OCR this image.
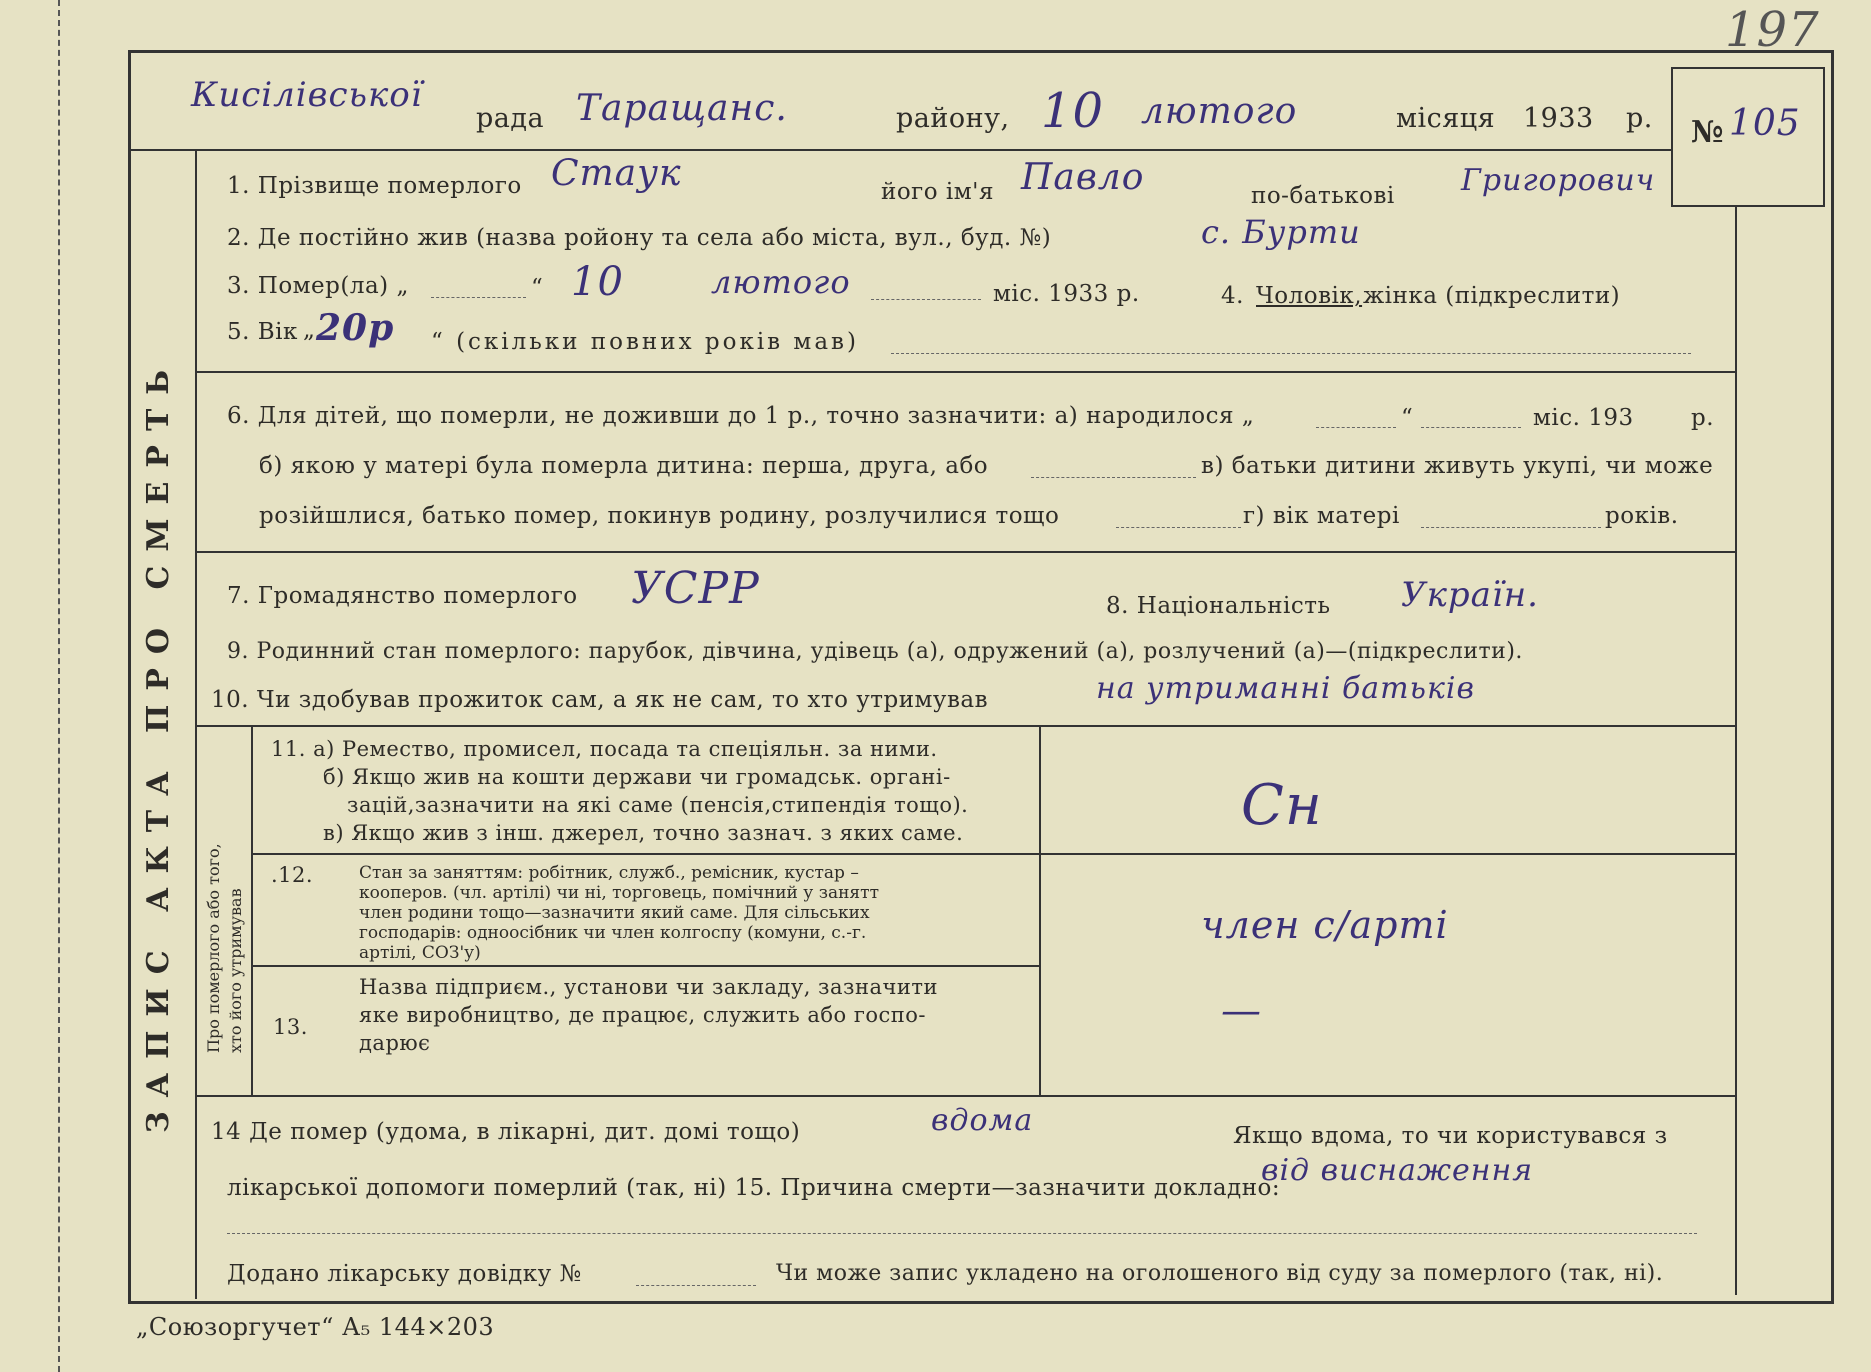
197
Кисілівської
рада Таращанс.	району, 10 лютого	місяця 1933 р. № 105
ЗАПИС АКТА ПРО СМЕРТЬ
1. Прізвище померлого Стаук	його ім'я Павло	по-батькові Григорович
2. Де постійно жив (назва ройону та села або міста, вул., буд. №)	с. Бурти
3. Помер(ла) „	“ 10	лютого	міс. 1933 р.	4. Чоловік, жінка (підкреслити)
5. Вік „ 20р “ (скільки повних років мав)
6. Для дітей, що померли, не доживши до 1 р., точно зазначити: а) народилося „	“	міс. 193 р.
б) якою у матері була померла дитина: перша, друга, або	в) батьки дитини живуть укупі, чи може
розійшлися, батько помер, покинув родину, розлучилися тощо	г) вік матері	років.
7. Громадянство померлого УСРР	8. Національність Україн.
9. Родинний стан померлого: парубок, дівчина, удівець (а), одружений (а), розлучений (а)—(підкреслити).
10. Чи здобував прожиток сам, а як не сам, то хто утримував	на утриманні батьків
Про померлого або того, хто його утримував
11. а) Ремество, промисел, посада та спеціяльн. за ними.
б) Якщо жив на кошти держави чи громадськ. органі-
зацій,зазначити на які саме (пенсія,стипендія тощо).
в) Якщо жив з інш. джерел, точно зазнач. з яких саме.	Сн
.12.	Стан за заняттям: робітник, служб., ремісник, кустар –
кооперов. (чл. артілі) чи ні, торговець, помічний у занятт
член родини тощо—зазначити який саме. Для сільських
господарів: одноосібник чи член колгоспу (комуни, с.-г.
артілі, СОЗ'у)
член с/арті
13.
Назва підприєм., установи чи закладу, зазначити
яке виробництво, де працює, служить або госпо-
дарює
—
14 Де помер (удома, в лікарні, дит. домі тощо)	вдома	Якщо вдома, то чи користувався з
лікарської допомоги померлий (так, ні) 15. Причина смерти—зазначити докладно:
від виснаження
Додано лікарську довідку №	Чи може запис укладено на оголошеного від суду за померлого (так, ні).
„Союзоргучет“ А₅ 144×203
